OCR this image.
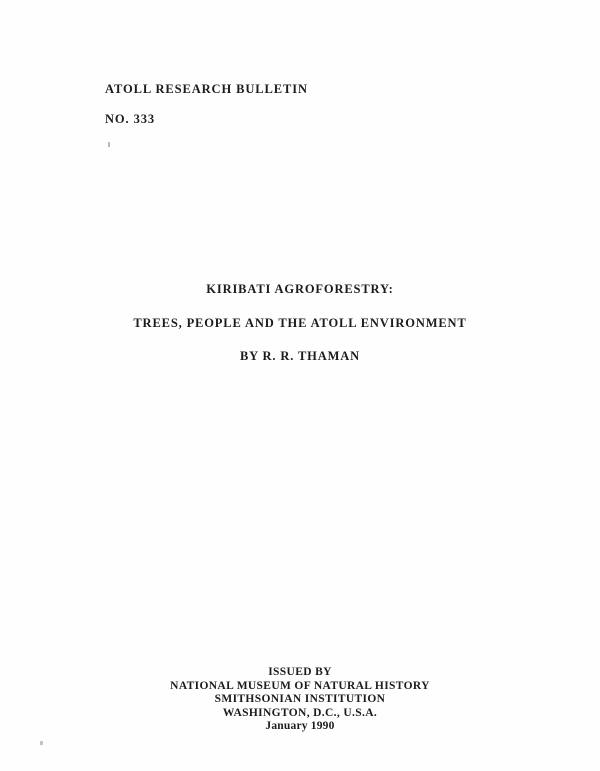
ATOLL RESEARCH BULLETIN
NO. 333
KIRIBATI AGROFORESTRY:
TREES, PEOPLE AND THE ATOLL ENVIRONMENT
BY R. R. THAMAN
ISSUED BY
NATIONAL MUSEUM OF NATURAL HISTORY
SMITHSONIAN INSTITUTION
WASHINGTON, D.C., U.S.A.
January 1990
